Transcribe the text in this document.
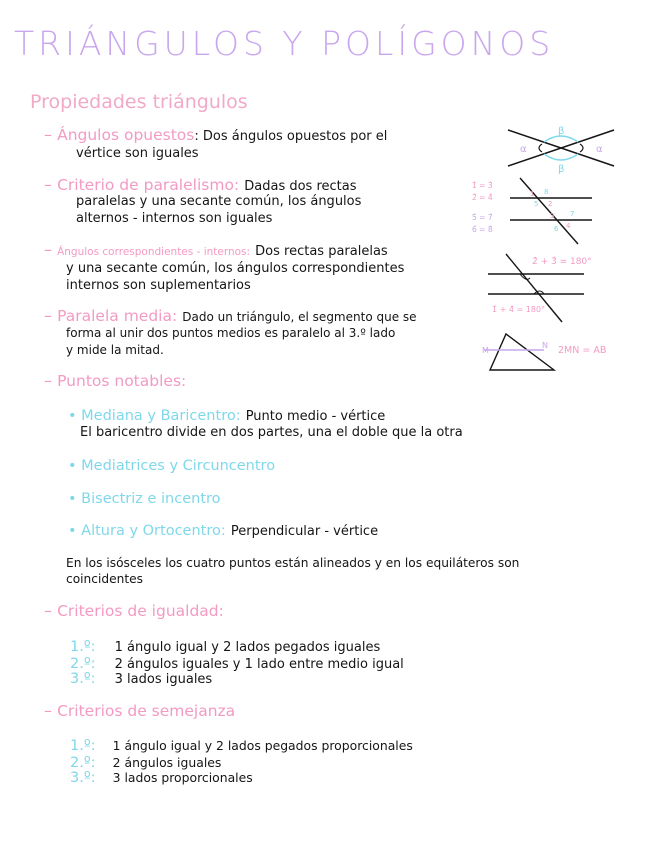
TRIÁNGULOS Y POLÍGONOS
Propiedades triángulos
– Ángulos opuestos: Dos ángulos opuestos por el
vértice son iguales
– Criterio de paralelismo: Dadas dos rectas
paralelas y una secante común, los ángulos
alternos - internos son iguales
– Ángulos correspondientes - internos: Dos rectas paralelas
y una secante común, los ángulos correspondientes
internos son suplementarios
– Paralela media: Dado un triángulo, el segmento que se
forma al unir dos puntos medios es paralelo al 3.º lado
y mide la mitad.
– Puntos notables:
• Mediana y Baricentro: Punto medio - vértice
El baricentro divide en dos partes, una el doble que la otra
• Mediatrices y Circuncentro
• Bisectriz e incentro
• Altura y Ortocentro: Perpendicular - vértice
En los isósceles los cuatro puntos están alineados y en los equiláteros son
coincidentes
– Criterios de igualdad:
1.º: 1 ángulo igual y 2 lados pegados iguales
2.º: 2 ángulos iguales y 1 lado entre medio igual
3.º: 3 lados iguales
– Criterios de semejanza
1.º: 1 ángulo igual y 2 lados pegados proporcionales
2.º: 2 ángulos iguales
3.º: 3 lados proporcionales
β
β
α	α
1̂ = 3̂
2̂ = 4̂
5̂ = 7̂
6̂ = 8̂
8
1
2
5
3
4
6
7
2̂ + 3̂ = 180°
1̂ + 4̂ = 180°
M
N 2MN = AB
